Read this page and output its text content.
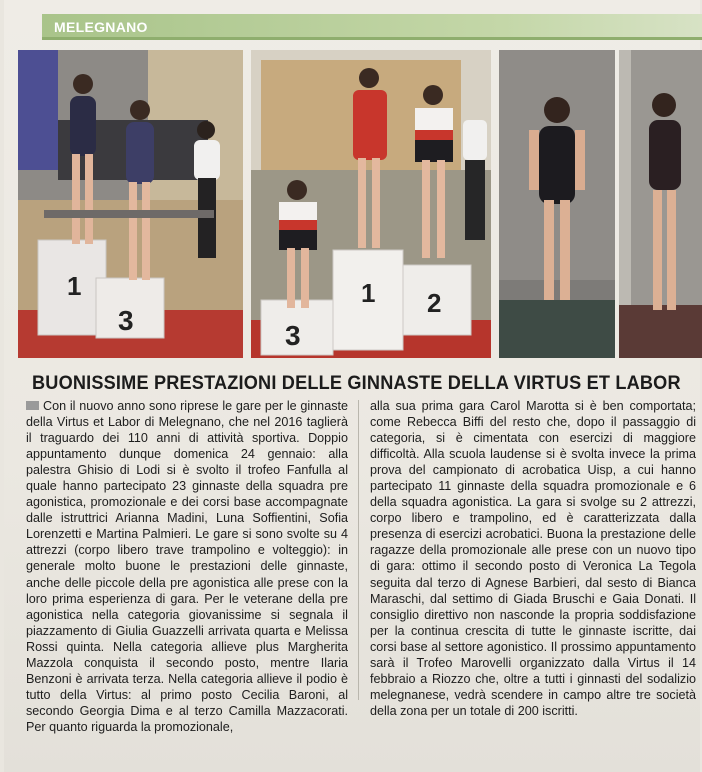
MELEGNANO
1
3	3
1 2
BUONISSIME PRESTAZIONI DELLE GINNASTE DELLA VIRTUS ET LABOR

Con il nuovo anno sono riprese le gare per le ginnaste della Virtus et Labor di Melegnano, che nel 2016 taglierà il traguardo dei 110 anni di attività sportiva. Doppio appuntamento dunque domenica 24 gennaio: alla palestra Ghisio di Lodi si è svolto il trofeo Fanfulla al quale hanno partecipato 23 ginnaste della squadra pre agonistica, promozionale e dei corsi base accompagnate dalle istruttrici Arianna Madini, Luna Soffientini, Sofia Lorenzetti e Martina Palmieri. Le gare si sono svolte su 4 attrezzi (corpo libero trave trampolino e volteggio): in generale molto buone le prestazioni delle ginnaste, anche delle piccole della pre agonistica alle prese con la loro prima esperienza di gara. Per le veterane della pre agonistica nella categoria giovanissime si segnala il piazzamento di Giulia Guazzelli arrivata quarta e Melissa Rossi quinta. Nella categoria allieve plus Margherita Mazzola conquista il secondo posto, mentre Ilaria Benzoni è arrivata terza. Nella categoria allieve il podio è tutto della Virtus: al primo posto Cecilia Baroni, al secondo Georgia Dima e al terzo Camilla Mazzacorati. Per quanto riguarda la promozionale,

alla sua prima gara Carol Marotta si è ben comportata; come Rebecca Biffi del resto che, dopo il passaggio di categoria, si è cimentata con esercizi di maggiore difficoltà. Alla scuola laudense si è svolta invece la prima prova del campionato di acrobatica Uisp, a cui hanno partecipato 11 ginnaste della squadra promozionale e 6 della squadra agonistica. La gara si svolge su 2 attrezzi, corpo libero e trampolino, ed è caratterizzata dalla presenza di esercizi acrobatici. Buona la prestazione delle ragazze della promozionale alle prese con un nuovo tipo di gara: ottimo il secondo posto di Veronica La Tegola seguita dal terzo di Agnese Barbieri, dal sesto di Bianca Maraschi, dal settimo di Giada Bruschi e Gaia Donati. Il consiglio direttivo non nasconde la propria soddisfazione per la continua crescita di tutte le ginnaste iscritte, dai corsi base al settore agonistico. Il prossimo appuntamento sarà il Trofeo Marovelli organizzato dalla Virtus il 14 febbraio a Riozzo che, oltre a tutti i ginnasti del sodalizio melegnanese, vedrà scendere in campo altre tre società della zona per un totale di 200 iscritti.
